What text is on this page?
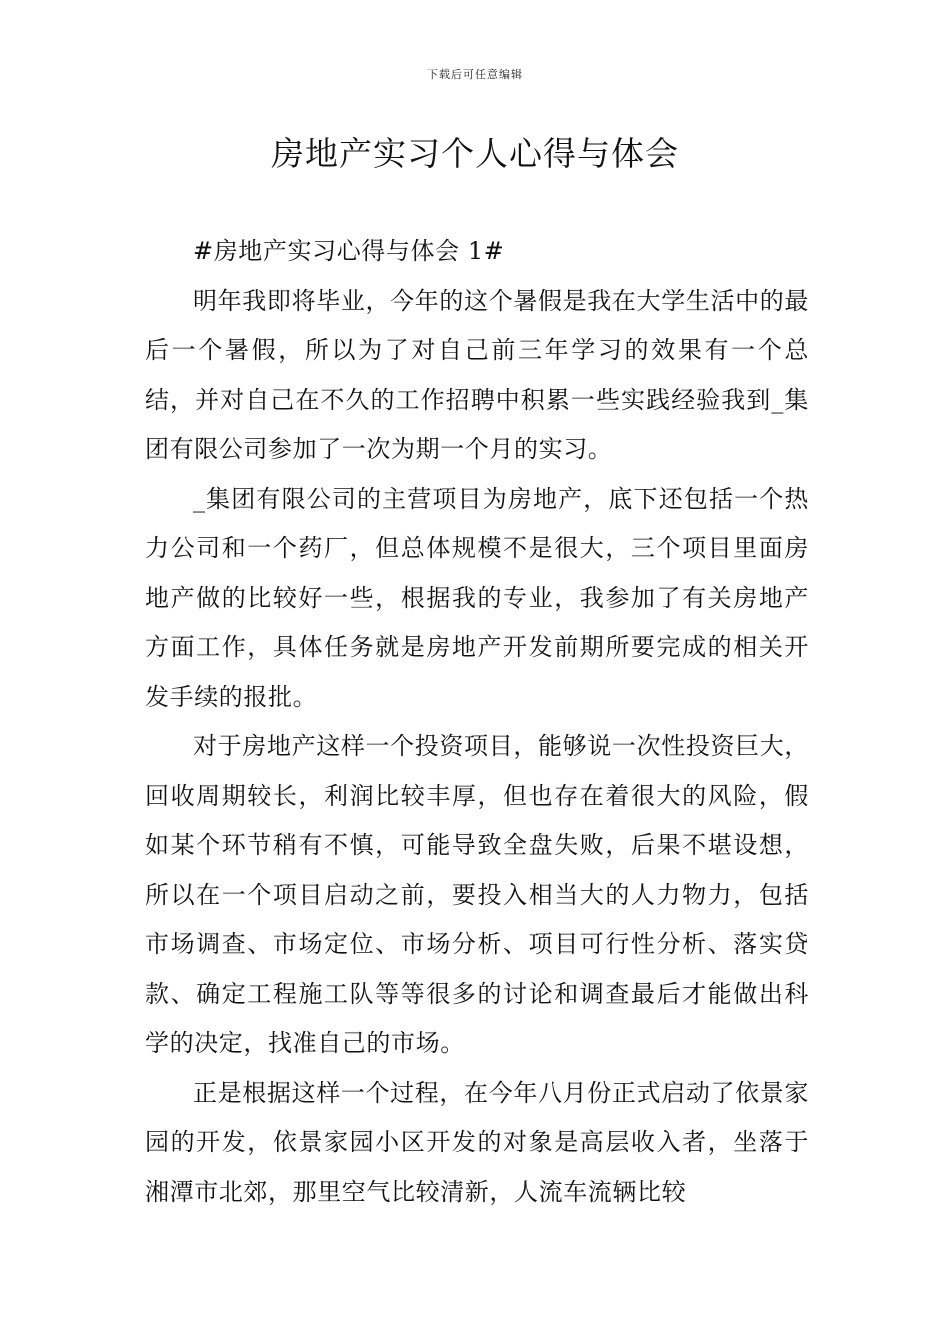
下载后可任意编辑
房地产实习个人心得与体会

#房地产实习心得与体会 1#

明年我即将毕业，今年的这个暑假是我在大学生活中的最后一个暑假，所以为了对自己前三年学习的效果有一个总结，并对自己在不久的工作招聘中积累一些实践经验我到_集团有限公司参加了一次为期一个月的实习。

_集团有限公司的主营项目为房地产，底下还包括一个热力公司和一个药厂，但总体规模不是很大，三个项目里面房地产做的比较好一些，根据我的专业，我参加了有关房地产方面工作，具体任务就是房地产开发前期所要完成的相关开发手续的报批。

对于房地产这样一个投资项目，能够说一次性投资巨大，回收周期较长，利润比较丰厚，但也存在着很大的风险，假如某个环节稍有不慎，可能导致全盘失败，后果不堪设想，所以在一个项目启动之前，要投入相当大的人力物力，包括市场调查、市场定位、市场分析、项目可行性分析、落实贷款、确定工程施工队等等很多的讨论和调查最后才能做出科学的决定，找准自己的市场。

正是根据这样一个过程，在今年八月份正式启动了依景家园的开发，依景家园小区开发的对象是高层收入者，坐落于湘潭市北郊，那里空气比较清新，人流车流辆比较
